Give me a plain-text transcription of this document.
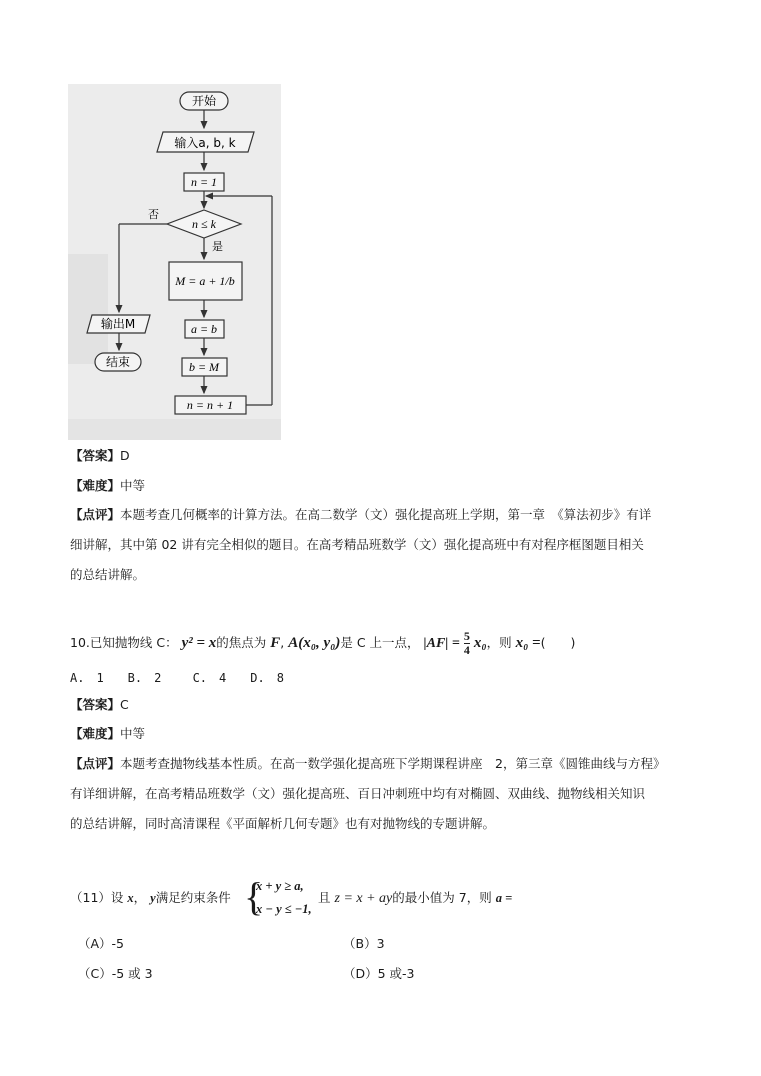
开始
输入a, b, k
n = 1
n ≤ k
否
是
M = a + 1/b
a = b
b = M
n = n + 1
输出M
结束
【答案】D
【难度】中等
【点评】本题考查几何概率的计算方法。在高二数学（文）强化提高班上学期，第一章　《算法初步》有详
细讲解，其中第 02 讲有完全相似的题目。在高考精品班数学（文）强化提高班中有对程序框图题目相关
的总结讲解。
10.已知抛物线 C： y² = x的焦点为 F, A(x₀, y₀)是 C 上一点， $|AF| = \frac{5}{4} x_0$，则 x₀ =(　　)
A.　1　　B.　2　　 C.　4　　D.　8
【答案】C
【难度】中等
【点评】本题考查抛物线基本性质。在高一数学强化提高班下学期课程讲座　2，第三章《圆锥曲线与方程》
有详细讲解，在高考精品班数学（文）强化提高班、百日冲刺班中均有对椭圆、双曲线、抛物线相关知识
的总结讲解，同时高清课程《平面解析几何专题》也有对抛物线的专题讲解。
（11）设 x， y满足约束条件 {
x + y ≥ a,
x − y ≤ −1,
且 z = x + ay的最小值为 7，则 a =
（A）-5	（B）3
（C）-5 或 3	（D）5 或-3
